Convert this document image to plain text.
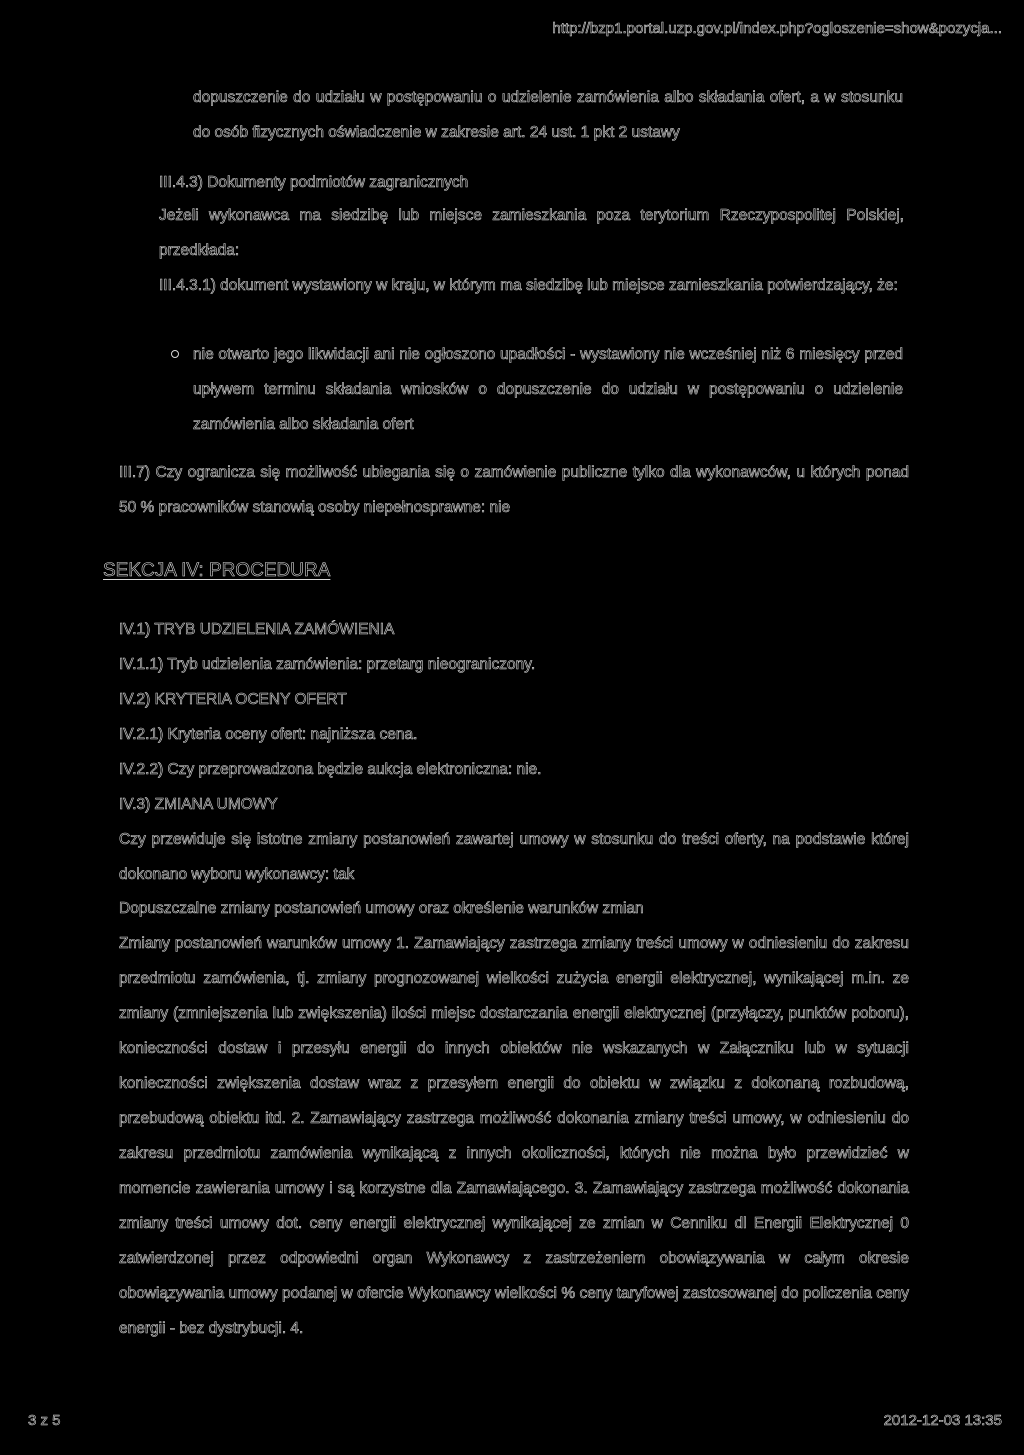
http://bzp1.portal.uzp.gov.pl/index.php?ogloszenie=show&pozycja...

dopuszczenie do udziału w postępowaniu o udzielenie zamówienia albo składania ofert, a w stosunku do osób fizycznych oświadczenie w zakresie art. 24 ust. 1 pkt 2 ustawy

III.4.3) Dokumenty podmiotów zagranicznych

Jeżeli wykonawca ma siedzibę lub miejsce zamieszkania poza terytorium Rzeczypospolitej Polskiej, przedkłada:

III.4.3.1) dokument wystawiony w kraju, w którym ma siedzibę lub miejsce zamieszkania potwierdzający, że:

nie otwarto jego likwidacji ani nie ogłoszono upadłości - wystawiony nie wcześniej niż 6 miesięcy przed upływem terminu składania wniosków o dopuszczenie do udziału w postępowaniu o udzielenie zamówienia albo składania ofert

III.7) Czy ogranicza się możliwość ubiegania się o zamówienie publiczne tylko dla wykonawców, u których ponad 50 % pracowników stanowią osoby niepełnosprawne: nie

SEKCJA IV: PROCEDURA

IV.1) TRYB UDZIELENIA ZAMÓWIENIA

IV.1.1) Tryb udzielenia zamówienia: przetarg nieograniczony.

IV.2) KRYTERIA OCENY OFERT

IV.2.1) Kryteria oceny ofert: najniższa cena.

IV.2.2) Czy przeprowadzona będzie aukcja elektroniczna: nie.

IV.3) ZMIANA UMOWY

Czy przewiduje się istotne zmiany postanowień zawartej umowy w stosunku do treści oferty, na podstawie której dokonano wyboru wykonawcy: tak

Dopuszczalne zmiany postanowień umowy oraz określenie warunków zmian

Zmiany postanowień warunków umowy 1. Zamawiający zastrzega zmiany treści umowy w odniesieniu do zakresu przedmiotu zamówienia, tj. zmiany prognozowanej wielkości zużycia energii elektrycznej, wynikającej m.in. ze zmiany (zmniejszenia lub zwiększenia) ilości miejsc dostarczania energii elektrycznej (przyłączy, punktów poboru), konieczności dostaw i przesyłu energii do innych obiektów nie wskazanych w Załączniku lub w sytuacji konieczności zwiększenia dostaw wraz z przesyłem energii do obiektu w związku z dokonaną rozbudową, przebudową obiektu itd. 2. Zamawiający zastrzega możliwość dokonania zmiany treści umowy, w odniesieniu do zakresu przedmiotu zamówienia wynikającą z innych okoliczności, których nie można było przewidzieć w momencie zawierania umowy i są korzystne dla Zamawiającego. 3. Zamawiający zastrzega możliwość dokonania zmiany treści umowy dot. ceny energii elektrycznej wynikającej ze zmian w Cenniku dl Energii Elektrycznej 0 zatwierdzonej przez odpowiedni organ Wykonawcy z zastrzeżeniem obowiązywania w całym okresie obowiązywania umowy podanej w ofercie Wykonawcy wielkości % ceny taryfowej zastosowanej do policzenia ceny energii - bez dystrybucji. 4.

3 z 5	2012-12-03 13:35
